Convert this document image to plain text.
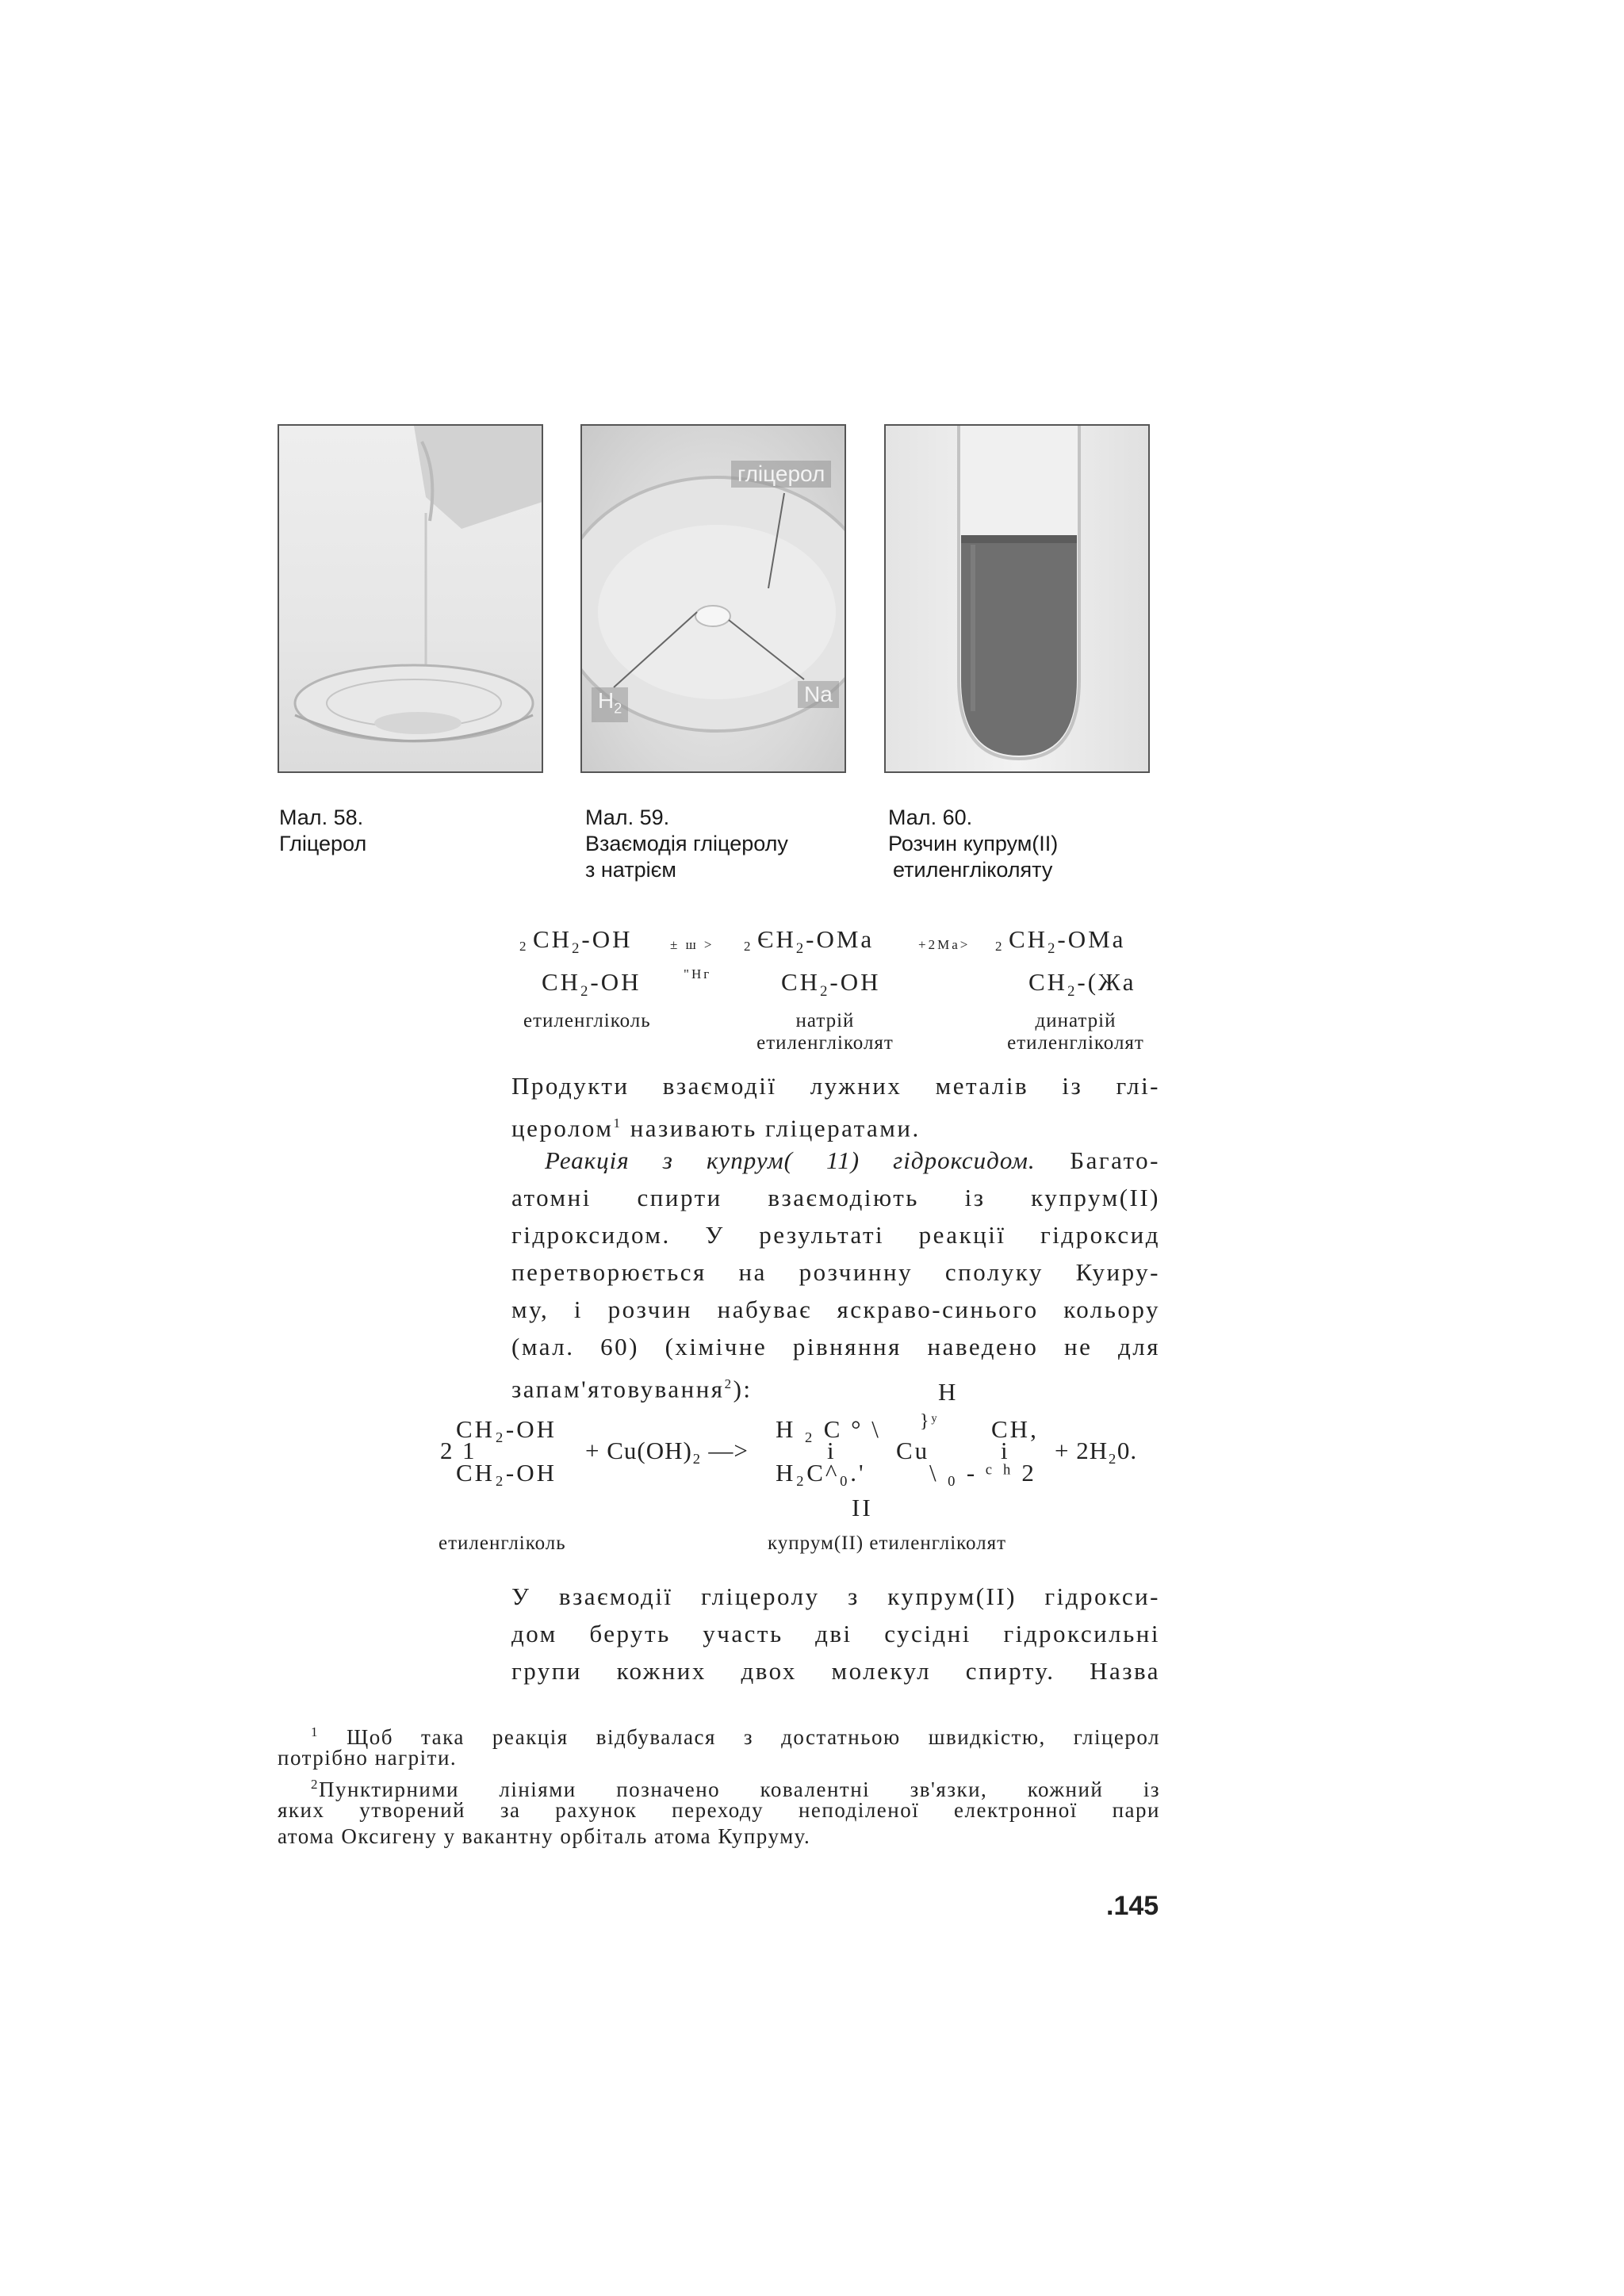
гліцерол
$H_2$
Na
Мал. 58.
Гліцерол
Мал. 59.
Взаємодія гліцеролу
з натрієм
Мал. 60.
Розчин купрум(ІІ)
етиленгліколяту
2 $CH_2-OH$	± ш > 2 $ЄH_2$-OMa	+2Ma> 2 $CH_2$-OMa
$CH_2-OH$	"Hг	$CH_2-OH$	$CH_2-(Жa$
етиленгліколь	натрій
етиленгліколят
динатрій
етиленгліколят
Продукти взаємодії лужних металів із глі-
церолом$^1$ називають гліцератами.
Реакція з купрум( 11) гідроксидом. Багато-
атомні спирти взаємодіють із купрум(II)
гідроксидом. У результаті реакції гідроксид
перетворюється на розчинну сполуку Куиру-
му, і розчин набуває яскраво-синього кольору
(мал. 60) (хімічне рівняння наведено не для
запам'ятовування$^2$):	H
CH₂-OH
2 1
CH₂-OH
+ Cu(OH)₂ —>
H ₂ C ° \ }ʸ CH,
i Cu	i + 2H₂0.
H₂C^₀.'	\ ₀ - ᶜ ʰ 2
II
етиленгліколь	купрум(II) етиленгліколят
У взаємодії гліцеролу з купрум(II) гідрокси-
дом беруть участь дві сусідні гідроксильні
групи кожних двох молекул спирту. Назва
$^1$ Щоб така реакція відбувалася з достатньою швидкістю, гліцерол
потрібно нагріти.
$^2$Пунктирними лініями позначено ковалентні зв'язки, кожний із
яких утворений за рахунок переходу неподіленої електронної пари
атома Оксигену у вакантну орбіталь атома Купруму.
.145
